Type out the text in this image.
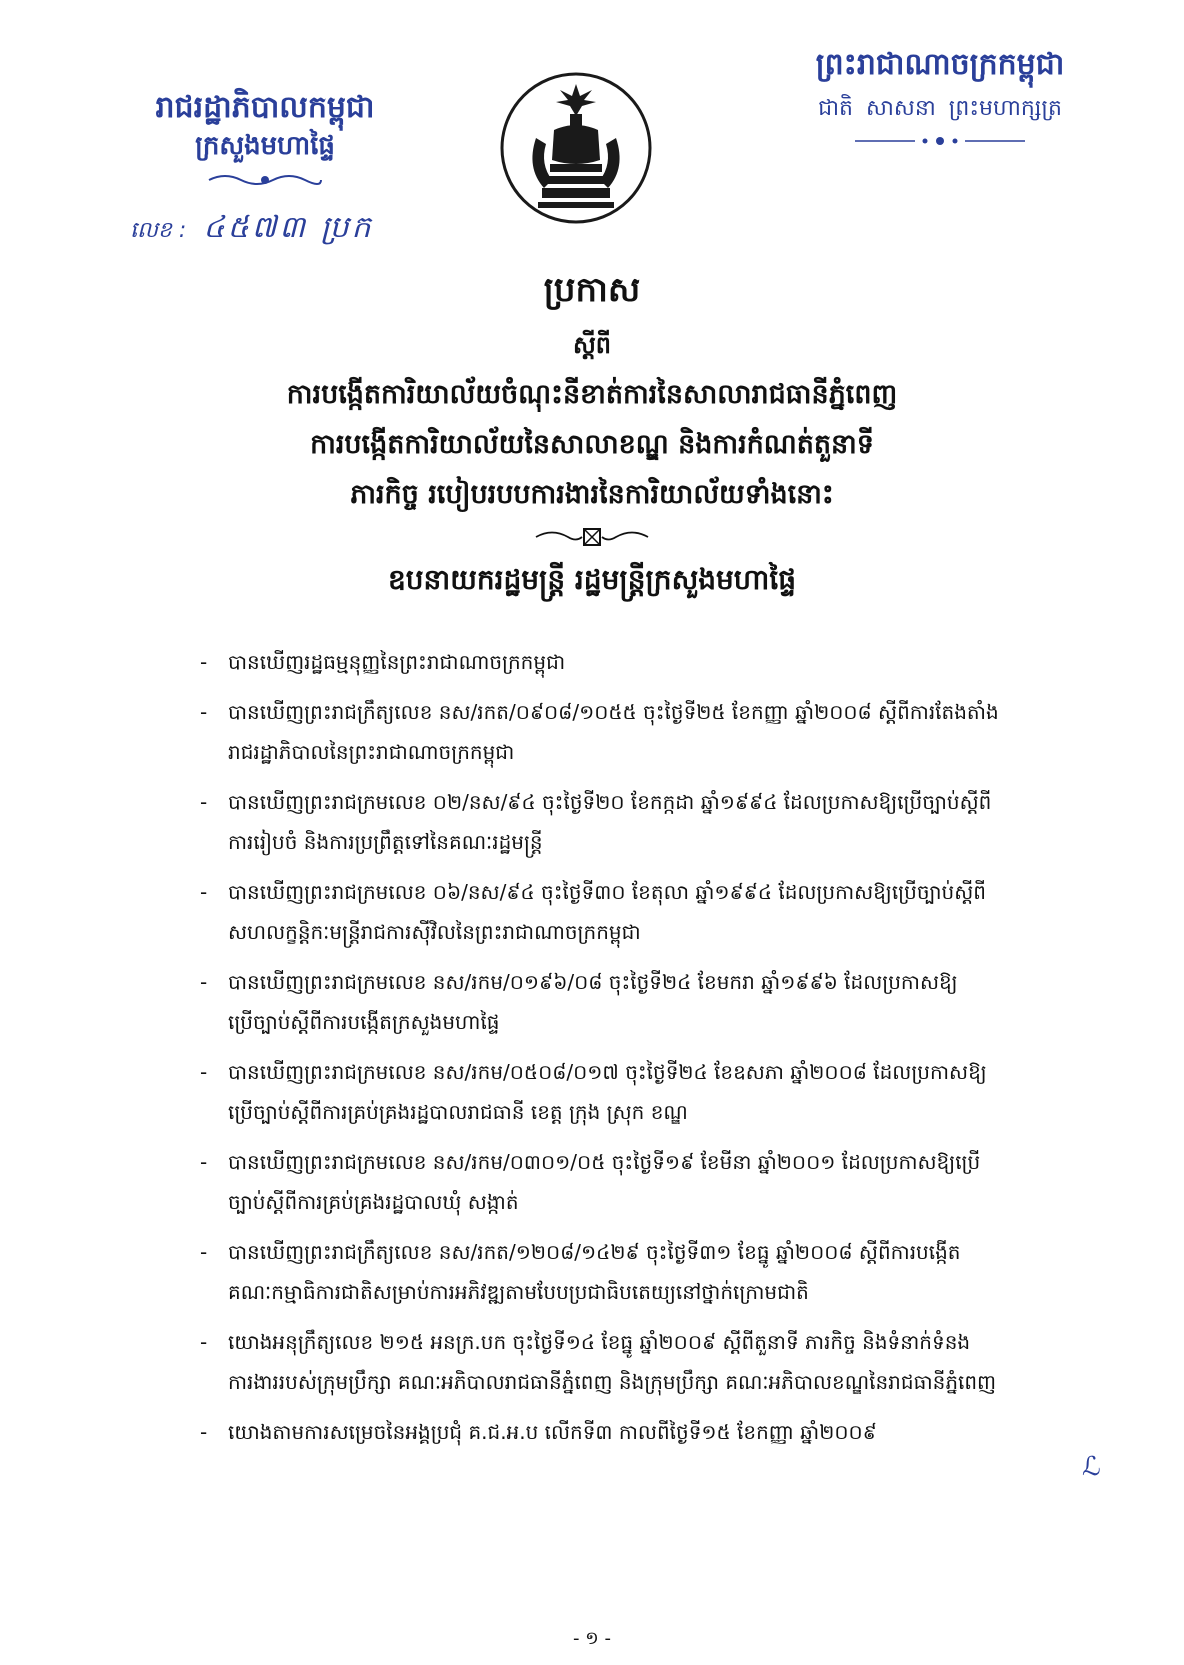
រាជរដ្ឋាភិបាលកម្ពុជា
ក្រសួងមហាផ្ទៃ
លេខ : ៤៥៧៣ ប្រក
ព្រះរាជាណាចក្រកម្ពុជា
ជាតិ សាសនា ព្រះមហាក្សត្រ
ប្រកាស
ស្តីពី
ការបង្កើតការិយាល័យចំណុះនីខាត់ការនៃសាលារាជធានីភ្នំពេញ
ការបង្កើតការិយាល័យនៃសាលាខណ្ឌ និងការកំណត់តួនាទី
ភារកិច្ច របៀបរបបការងារនៃការិយាល័យទាំងនោះ
ឧបនាយករដ្ឋមន្ត្រី រដ្ឋមន្ត្រីក្រសួងមហាផ្ទៃ
- បានឃើញរដ្ឋធម្មនុញ្ញនៃព្រះរាជាណាចក្រកម្ពុជា
- បានឃើញព្រះរាជក្រឹត្យលេខ នស/រកត/០៩០៨/១០៥៥ ចុះថ្ងៃទី២៥ ខែកញ្ញា ឆ្នាំ២០០៨ ស្តីពីការតែងតាំង
រាជរដ្ឋាភិបាលនៃព្រះរាជាណាចក្រកម្ពុជា
- បានឃើញព្រះរាជក្រមលេខ ០២/នស/៩៤ ចុះថ្ងៃទី២០ ខែកក្កដា ឆ្នាំ១៩៩៤ ដែលប្រកាសឱ្យប្រើច្បាប់ស្តីពី
ការរៀបចំ និងការប្រព្រឹត្តទៅនៃគណៈរដ្ឋមន្ត្រី
- បានឃើញព្រះរាជក្រមលេខ ០៦/នស/៩៤ ចុះថ្ងៃទី៣០ ខែតុលា ឆ្នាំ១៩៩៤ ដែលប្រកាសឱ្យប្រើច្បាប់ស្តីពី
សហលក្ខន្តិកៈមន្ត្រីរាជការស៊ីវិលនៃព្រះរាជាណាចក្រកម្ពុជា
- បានឃើញព្រះរាជក្រមលេខ នស/រកម/០១៩៦/០៨ ចុះថ្ងៃទី២៤ ខែមករា ឆ្នាំ១៩៩៦ ដែលប្រកាសឱ្យ
ប្រើច្បាប់ស្តីពីការបង្កើតក្រសួងមហាផ្ទៃ
- បានឃើញព្រះរាជក្រមលេខ នស/រកម/០៥០៨/០១៧ ចុះថ្ងៃទី២៤ ខែឧសភា ឆ្នាំ២០០៨ ដែលប្រកាសឱ្យ
ប្រើច្បាប់ស្តីពីការគ្រប់គ្រងរដ្ឋបាលរាជធានី ខេត្ត ក្រុង ស្រុក ខណ្ឌ
- បានឃើញព្រះរាជក្រមលេខ នស/រកម/០៣០១/០៥ ចុះថ្ងៃទី១៩ ខែមីនា ឆ្នាំ២០០១ ដែលប្រកាសឱ្យប្រើ
ច្បាប់ស្តីពីការគ្រប់គ្រងរដ្ឋបាលឃុំ សង្កាត់
- បានឃើញព្រះរាជក្រឹត្យលេខ នស/រកត/១២០៨/១៤២៩ ចុះថ្ងៃទី៣១ ខែធ្នូ ឆ្នាំ២០០៨ ស្តីពីការបង្កើត
គណៈកម្មាធិការជាតិសម្រាប់ការអភិវឌ្ឍតាមបែបប្រជាធិបតេយ្យនៅថ្នាក់ក្រោមជាតិ
- យោងអនុក្រឹត្យលេខ ២១៥ អនក្រ.បក ចុះថ្ងៃទី១៤ ខែធ្នូ ឆ្នាំ២០០៩ ស្តីពីតួនាទី ភារកិច្ច និងទំនាក់ទំនង
ការងាររបស់ក្រុមប្រឹក្សា គណៈអភិបាលរាជធានីភ្នំពេញ និងក្រុមប្រឹក្សា គណៈអភិបាលខណ្ឌនៃរាជធានីភ្នំពេញ
- យោងតាមការសម្រេចនៃអង្គប្រជុំ គ.ជ.អ.ប លើកទី៣ កាលពីថ្ងៃទី១៥ ខែកញ្ញា ឆ្នាំ២០០៩
ℒ
- ១ -
